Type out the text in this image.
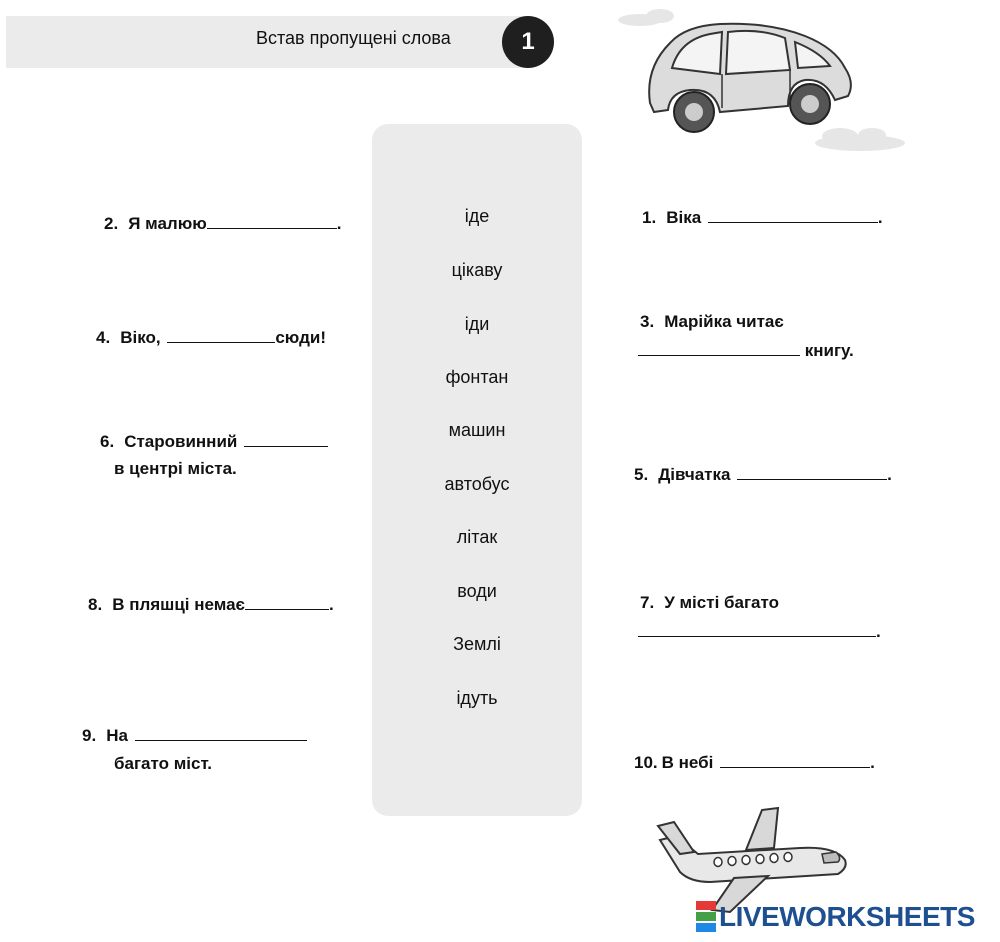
Встав пропущені слова	1
іде
цікаву
іди
фонтан
машин
автобус
літак
води
Землі
ідуть
2. Я малюю	.
4. Віко,	сюди!
6. Старовинний
в центрі міста.
8. В пляшці немає	.
9. На
багато міст.
1. Віка	.
3. Марійка читає
книгу.
5. Дівчатка	.
7. У місті багато
.
10. В небі	.
LIVEWORKSHEETS
